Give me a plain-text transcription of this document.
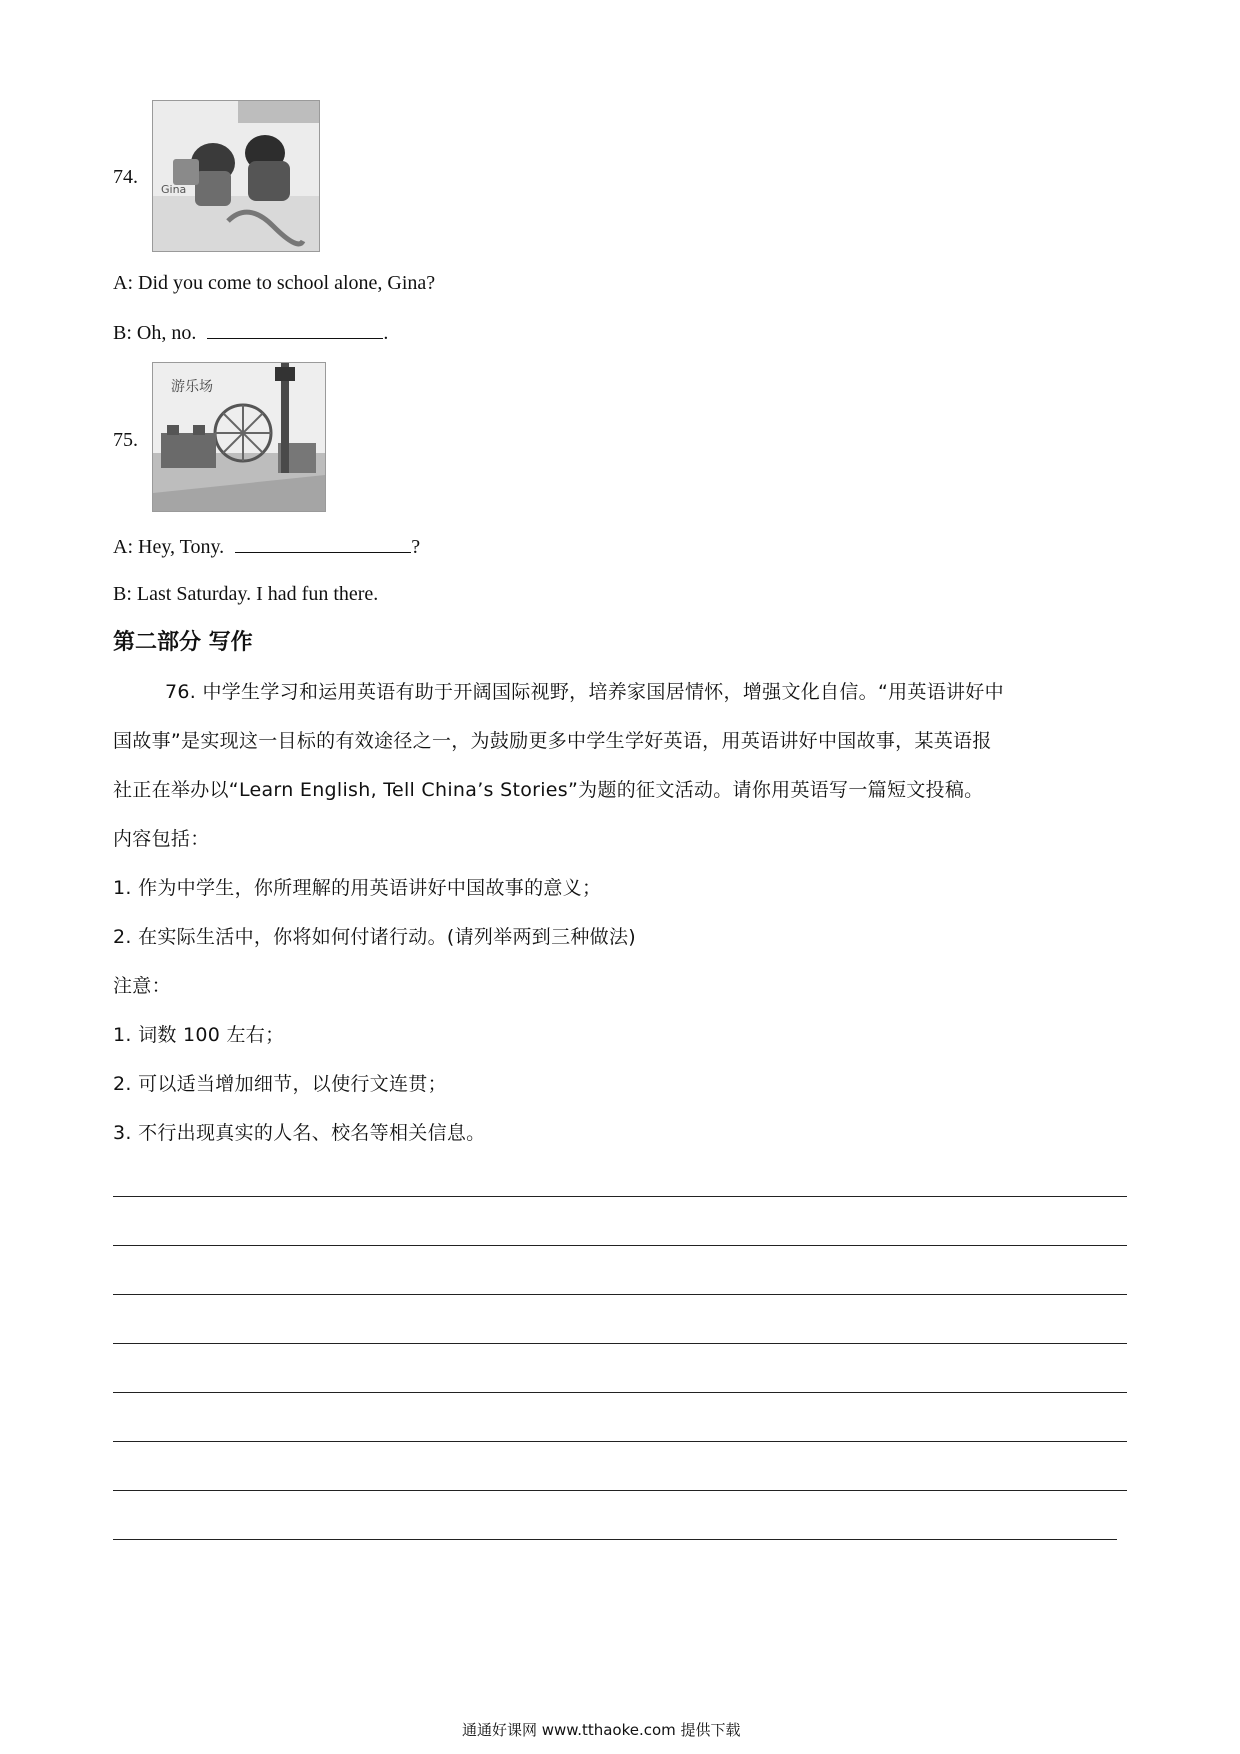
74.
Gina
A: Did you come to school alone, Gina?
B: Oh, no.	.
75.
游乐场
A: Hey, Tony.	?
B: Last Saturday. I had fun there.
第二部分 写作
76. 中学生学习和运用英语有助于开阔国际视野，培养家国居情怀，增强文化自信。“用英语讲好中
国故事”是实现这一目标的有效途径之一，为鼓励更多中学生学好英语，用英语讲好中国故事，某英语报
社正在举办以“Learn English, Tell China’s Stories”为题的征文活动。请你用英语写一篇短文投稿。
内容包括：
1. 作为中学生，你所理解的用英语讲好中国故事的意义；
2. 在实际生活中，你将如何付诸行动。(请列举两到三种做法)
注意：
1. 词数 100 左右；
2. 可以适当增加细节，以使行文连贯；
3. 不行出现真实的人名、校名等相关信息。
通通好课网 www.tthaoke.com 提供下载
